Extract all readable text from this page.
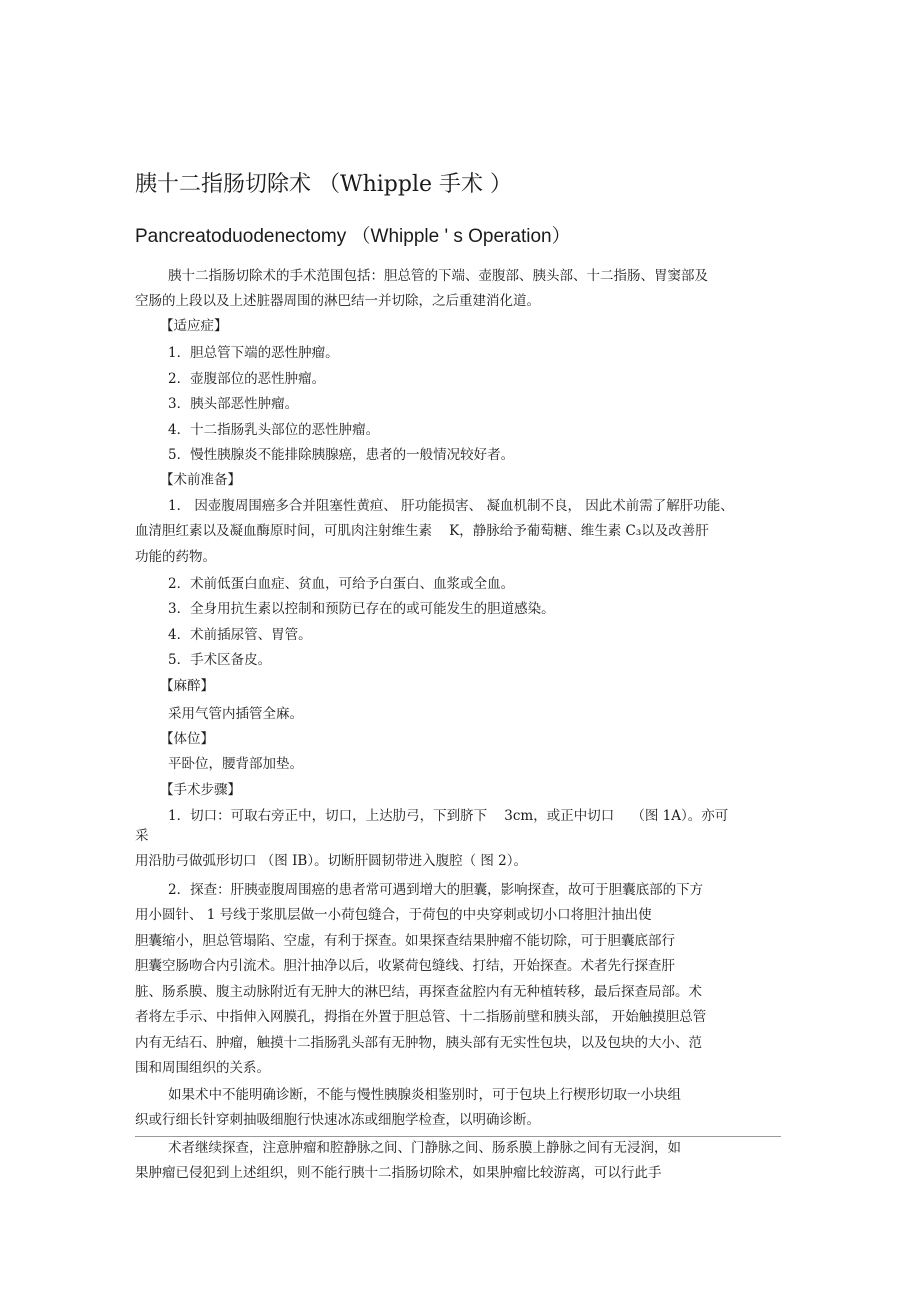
胰十二指肠切除术 （Whipple 手术 ）
Pancreatoduodenectomy （Whipple ' s Operation）
胰十二指肠切除术的手术范围包括：胆总管的下端、壶腹部、胰头部、十二指肠、胃窦部及
空肠的上段以及上述脏器周围的淋巴结一并切除，之后重建消化道。
【适应症】
1．胆总管下端的恶性肿瘤。
2．壶腹部位的恶性肿瘤。
3．胰头部恶性肿瘤。
4．十二指肠乳头部位的恶性肿瘤。
5．慢性胰腺炎不能排除胰腺癌，患者的一般情况较好者。
【术前准备】
1． 因壶腹周围癌多合并阻塞性黄疸、 肝功能损害、 凝血机制不良， 因此术前需了解肝功能、
血清胆红素以及凝血酶原时间，可肌肉注射维生素    K，静脉给予葡萄糖、维生素 C₃以及改善肝
功能的药物。
2．术前低蛋白血症、贫血，可给予白蛋白、血浆或全血。
3．全身用抗生素以控制和预防已存在的或可能发生的胆道感染。
4．术前插尿管、胃管。
5．手术区备皮。
【麻醉】
采用气管内插管全麻。
【体位】
平卧位，腰背部加垫。
【手术步骤】
1．切口：可取右旁正中，切口，上达肋弓，下到脐下    3cm，或正中切口    （图 1A）。亦可
采
用沿肋弓做弧形切口 （图 IB）。切断肝圆韧带进入腹腔（ 图 2）。
2．探查：肝胰壶腹周围癌的患者常可遇到增大的胆囊，影响探查，故可于胆囊底部的下方
用小圆针、 1 号线于浆肌层做一小荷包缝合，于荷包的中央穿刺或切小口将胆汁抽出使
胆囊缩小，胆总管塌陷、空虚，有利于探查。如果探查结果肿瘤不能切除，可于胆囊底部行
胆囊空肠吻合内引流术。胆汁抽净以后，收紧荷包缝线、打结，开始探查。术者先行探查肝
脏、肠系膜、腹主动脉附近有无肿大的淋巴结，再探查盆腔内有无种植转移，最后探查局部。术
者将左手示、中指伸入网膜孔，拇指在外置于胆总管、十二指肠前壁和胰头部， 开始触摸胆总管
内有无结石、肿瘤，触摸十二指肠乳头部有无肿物，胰头部有无实性包块，以及包块的大小、范
围和周围组织的关系。
如果术中不能明确诊断，不能与慢性胰腺炎相鉴别时，可于包块上行楔形切取一小块组
织或行细长针穿刺抽吸细胞行快速冰冻或细胞学检查，以明确诊断。
术者继续探查，注意肿瘤和腔静脉之间、门静脉之间、肠系膜上静脉之间有无浸润，如
果肿瘤已侵犯到上述组织，则不能行胰十二指肠切除术，如果肿瘤比较游离，可以行此手
